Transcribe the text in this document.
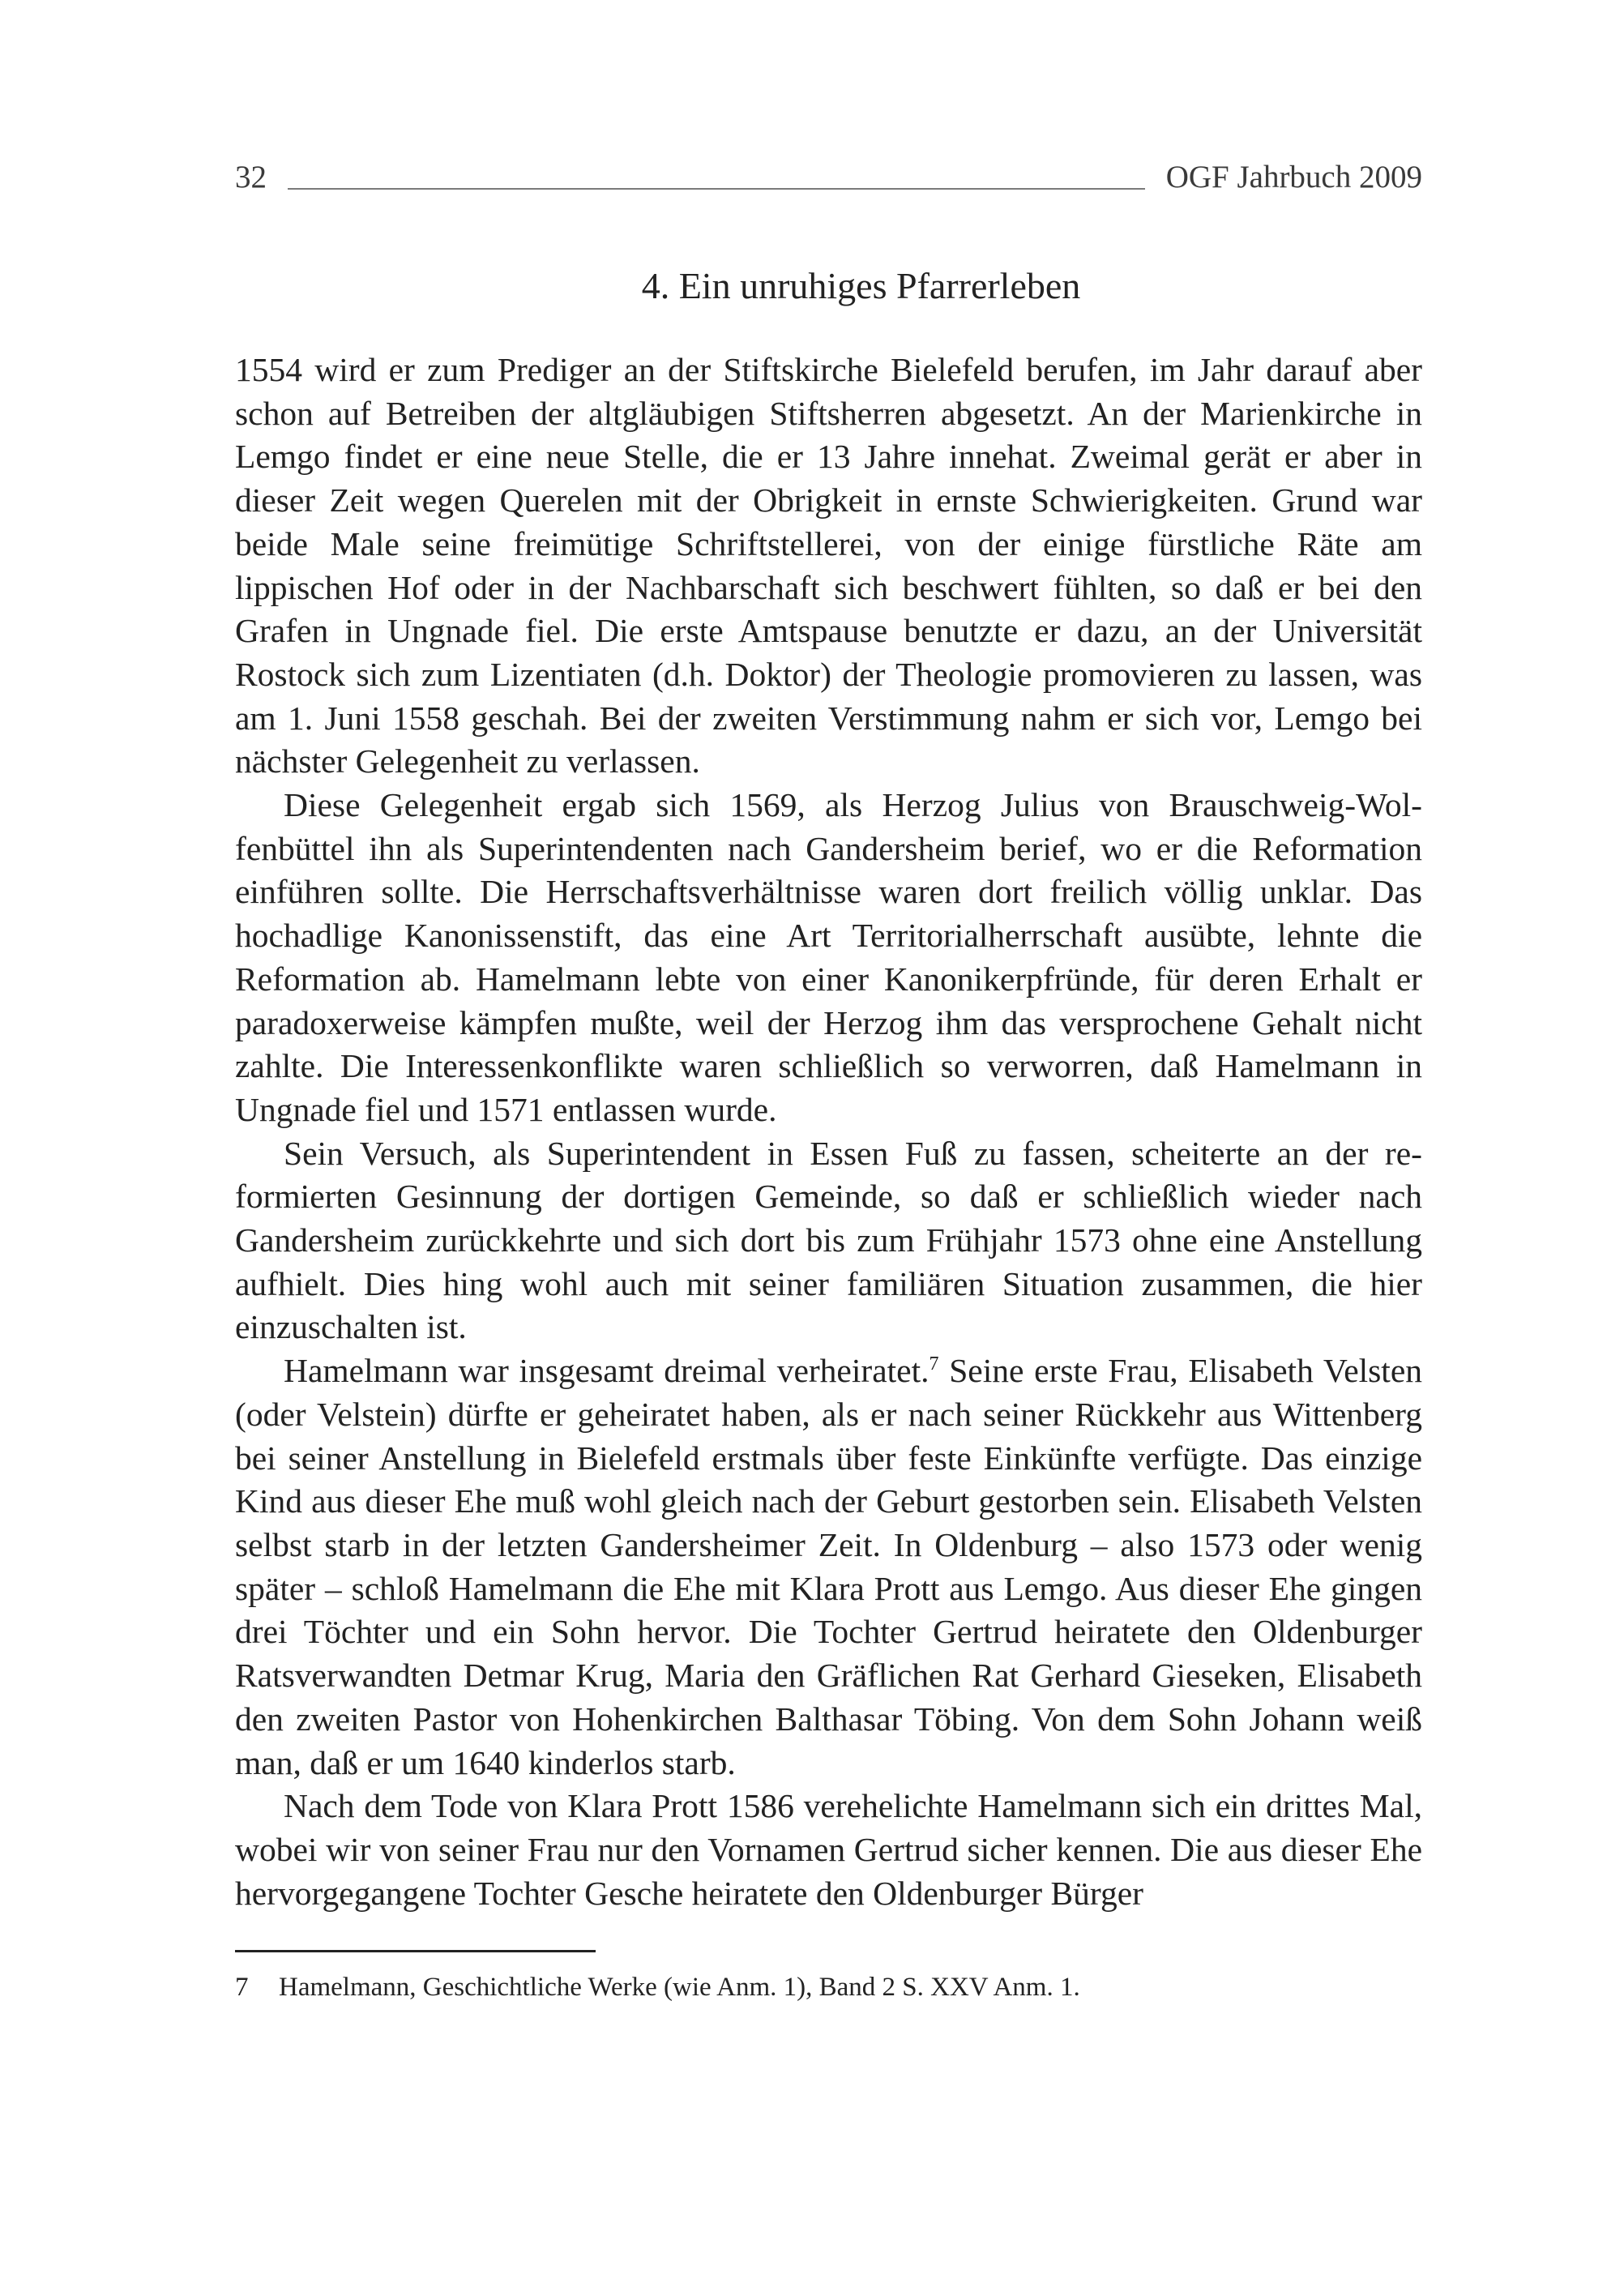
32	OGF Jahrbuch 2009
4. Ein unruhiges Pfarrerleben

1554 wird er zum Prediger an der Stiftskirche Bielefeld berufen, im Jahr darauf aber schon auf Betreiben der altgläubigen Stiftsherren abgesetzt. An der Marienkirche in Lemgo findet er eine neue Stelle, die er 13 Jahre innehat. Zweimal gerät er aber in dieser Zeit wegen Querelen mit der Obrigkeit in ernste Schwierigkeiten. Grund war beide Male seine freimütige Schriftstellerei, von der einige fürstliche Räte am lippischen Hof oder in der Nachbarschaft sich beschwert fühlten, so daß er bei den Grafen in Ungnade fiel. Die erste Amtspause benutzte er dazu, an der Universität Rostock sich zum Lizentiaten (d.h. Doktor) der Theologie promovieren zu lassen, was am 1. Juni 1558 geschah. Bei der zweiten Verstimmung nahm er sich vor, Lemgo bei nächster Gelegenheit zu verlassen.

Diese Gelegenheit ergab sich 1569, als Herzog Julius von Brauschweig-Wolfenbüttel ihn als Superintendenten nach Gandersheim berief, wo er die Reformation einführen sollte. Die Herrschaftsverhältnisse waren dort freilich völlig unklar. Das hochadlige Kanonissenstift, das eine Art Territorialherrschaft ausübte, lehnte die Reformation ab. Hamelmann lebte von einer Kanonikerpfründe, für deren Erhalt er paradoxerweise kämpfen mußte, weil der Herzog ihm das versprochene Gehalt nicht zahlte. Die Interessenkonflikte waren schließlich so verworren, daß Hamelmann in Ungnade fiel und 1571 entlassen wurde.

Sein Versuch, als Superintendent in Essen Fuß zu fassen, scheiterte an der reformierten Gesinnung der dortigen Gemeinde, so daß er schließlich wieder nach Gandersheim zurückkehrte und sich dort bis zum Frühjahr 1573 ohne eine Anstellung aufhielt. Dies hing wohl auch mit seiner familiären Situation zusammen, die hier einzuschalten ist.

Hamelmann war insgesamt dreimal verheiratet.$^7$ Seine erste Frau, Elisabeth Velsten (oder Velstein) dürfte er geheiratet haben, als er nach seiner Rückkehr aus Wittenberg bei seiner Anstellung in Bielefeld erstmals über feste Einkünfte verfügte. Das einzige Kind aus dieser Ehe muß wohl gleich nach der Geburt gestorben sein. Elisabeth Velsten selbst starb in der letzten Gandersheimer Zeit. In Oldenburg – also 1573 oder wenig später – schloß Hamelmann die Ehe mit Klara Prott aus Lemgo. Aus dieser Ehe gingen drei Töchter und ein Sohn hervor. Die Tochter Gertrud heiratete den Oldenburger Ratsverwandten Detmar Krug, Maria den Gräflichen Rat Gerhard Gieseken, Elisabeth den zweiten Pastor von Hohenkirchen Balthasar Töbing. Von dem Sohn Johann weiß man, daß er um 1640 kinderlos starb.

Nach dem Tode von Klara Prott 1586 verehelichte Hamelmann sich ein drittes Mal, wobei wir von seiner Frau nur den Vornamen Gertrud sicher kennen. Die aus dieser Ehe hervorgegangene Tochter Gesche heiratete den Oldenburger Bürger

7	Hamelmann, Geschichtliche Werke (wie Anm. 1), Band 2 S. XXV Anm. 1.
